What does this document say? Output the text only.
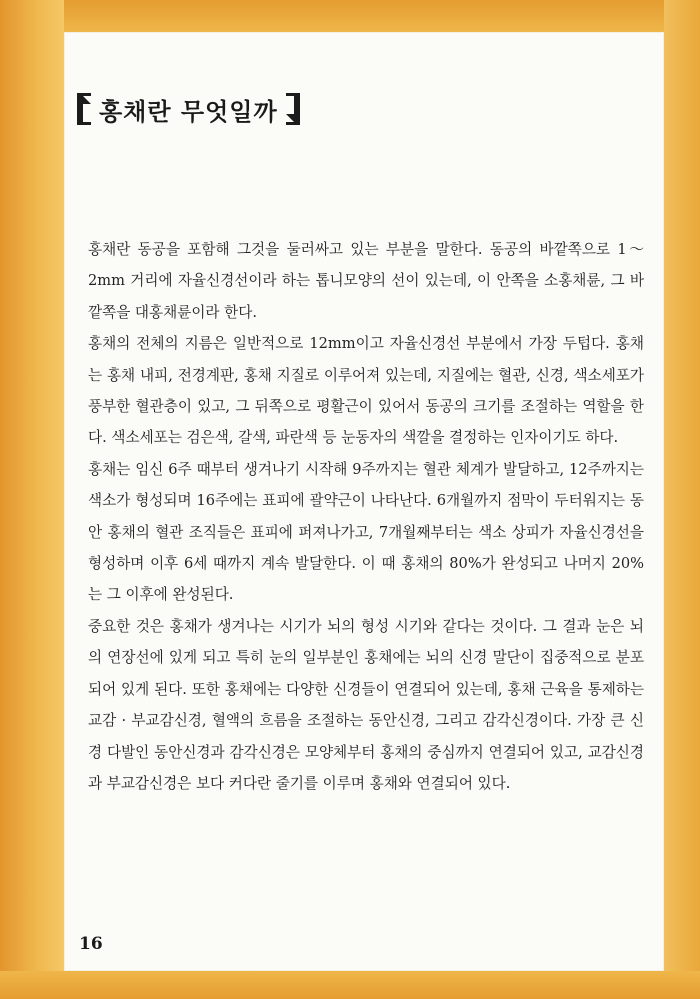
홍채란 무엇일까

홍채란 동공을 포함해 그것을 둘러싸고 있는 부분을 말한다. 동공의 바깥쪽으로 1～2mm 거리에 자율신경선이라 하는 톱니모양의 선이 있는데, 이 안쪽을 소홍채륜, 그 바깥쪽을 대홍채륜이라 한다.

홍채의 전체의 지름은 일반적으로 12mm이고 자율신경선 부분에서 가장 두텁다. 홍채는 홍채 내피, 전경계판, 홍채 지질로 이루어져 있는데, 지질에는 혈관, 신경, 색소세포가 풍부한 혈관층이 있고, 그 뒤쪽으로 평활근이 있어서 동공의 크기를 조절하는 역할을 한다. 색소세포는 검은색, 갈색, 파란색 등 눈동자의 색깔을 결정하는 인자이기도 하다.

홍채는 임신 6주 때부터 생겨나기 시작해 9주까지는 혈관 체계가 발달하고, 12주까지는 색소가 형성되며 16주에는 표피에 괄약근이 나타난다. 6개월까지 점막이 두터워지는 동안 홍채의 혈관 조직들은 표피에 퍼져나가고, 7개월째부터는 색소 상피가 자율신경선을 형성하며 이후 6세 때까지 계속 발달한다. 이 때 홍채의 80%가 완성되고 나머지 20%는 그 이후에 완성된다.

중요한 것은 홍채가 생겨나는 시기가 뇌의 형성 시기와 같다는 것이다. 그 결과 눈은 뇌의 연장선에 있게 되고 특히 눈의 일부분인 홍채에는 뇌의 신경 말단이 집중적으로 분포되어 있게 된다. 또한 홍채에는 다양한 신경들이 연결되어 있는데, 홍채 근육을 통제하는 교감 · 부교감신경, 혈액의 흐름을 조절하는 동안신경, 그리고 감각신경이다. 가장 큰 신경 다발인 동안신경과 감각신경은 모양체부터 홍채의 중심까지 연결되어 있고, 교감신경과 부교감신경은 보다 커다란 줄기를 이루며 홍채와 연결되어 있다.

16
